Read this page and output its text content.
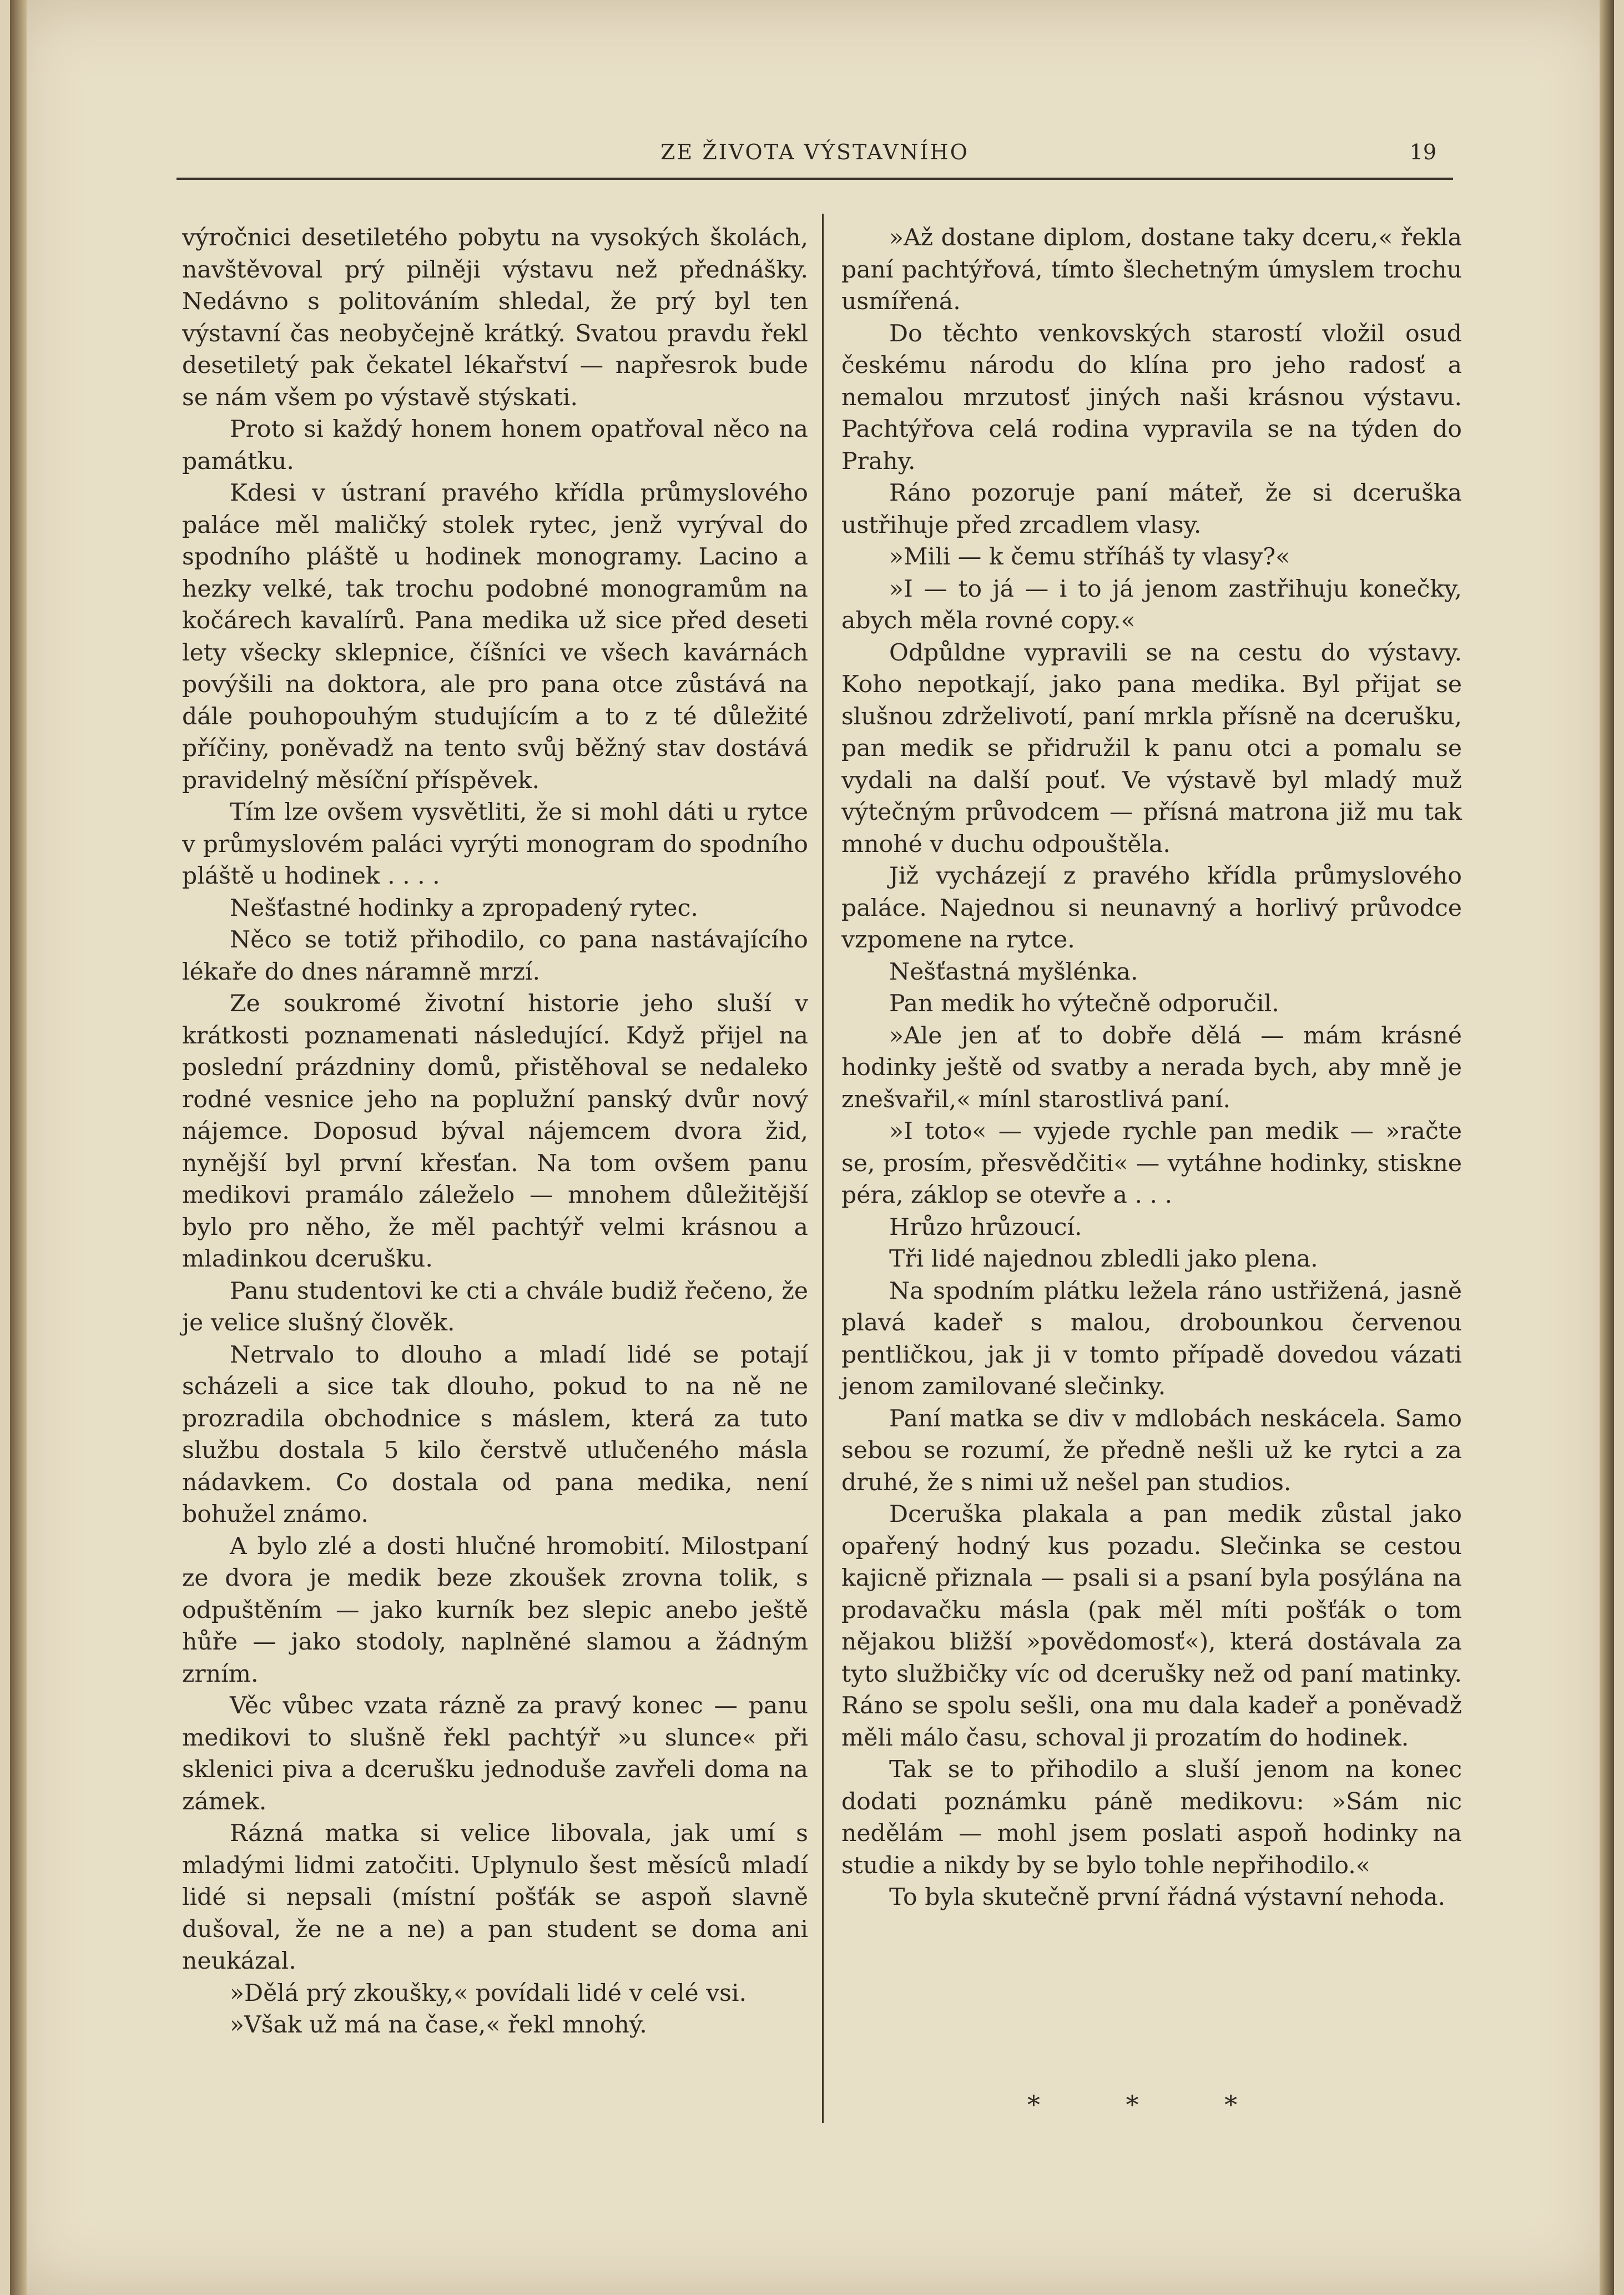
ZE ŽIVOTA VÝSTAVNÍHO	19

výročnici desetiletého pobytu na vysokých školách, navštěvoval prý pilněji výstavu než přednášky. Nedávno s politováním shledal, že prý byl ten výstavní čas neobyčejně krátký. Svatou pravdu řekl desetiletý pak čekatel lékařství — napřesrok bude se nám všem po výstavě stýskati.

Proto si každý honem honem opatřoval něco na památku.

Kdesi v ústraní pravého křídla průmyslového paláce měl maličký stolek rytec, jenž vyrýval do spodního pláště u hodinek monogramy. Lacino a hezky velké, tak trochu podobné monogramům na kočárech kavalírů. Pana medika už sice před deseti lety všecky sklepnice, číšníci ve všech kavárnách povýšili na doktora, ale pro pana otce zůstává na dále pouhopouhým studujícím a to z té důležité příčiny, poněvadž na tento svůj běžný stav dostává pravidelný měsíční příspěvek.

Tím lze ovšem vysvětliti, že si mohl dáti u rytce v průmyslovém paláci vyrýti monogram do spodního pláště u hodinek . . . .

Nešťastné hodinky a zpropadený rytec.

Něco se totiž přihodilo, co pana nastávajícího lékaře do dnes náramně mrzí.

Ze soukromé životní historie jeho sluší v krátkosti poznamenati následující. Když přijel na poslední prázdniny domů, přistěhoval se nedaleko rodné vesnice jeho na poplužní panský dvůr nový nájemce. Doposud býval nájemcem dvora žid, nynější byl první křesťan. Na tom ovšem panu medikovi pramálo záleželo — mnohem důležitější bylo pro něho, že měl pachtýř velmi krásnou a mladinkou dcerušku.

Panu studentovi ke cti a chvále budiž řečeno, že je velice slušný člověk.

Netrvalo to dlouho a mladí lidé se potají scházeli a sice tak dlouho, pokud to na ně ne prozradila obchodnice s máslem, která za tuto službu dostala 5 kilo čerstvě utlučeného másla nádavkem. Co dostala od pana medika, není bohužel známo.

A bylo zlé a dosti hlučné hromobití. Milostpaní ze dvora je medik beze zkoušek zrovna tolik, s odpuštěním — jako kurník bez slepic anebo ještě hůře — jako stodoly, naplněné slamou a žádným zrním.

Věc vůbec vzata rázně za pravý konec — panu medikovi to slušně řekl pachtýř »u slunce« při sklenici piva a dcerušku jednoduše zavřeli doma na zámek.

Rázná matka si velice libovala, jak umí s mladými lidmi zatočiti. Uplynulo šest měsíců mladí lidé si nepsali (místní pošťák se aspoň slavně dušoval, že ne a ne) a pan student se doma ani neukázal.

»Dělá prý zkoušky,« povídali lidé v celé vsi.

»Však už má na čase,« řekl mnohý.

»Až dostane diplom, dostane taky dceru,« řekla paní pachtýřová, tímto šlechetným úmyslem trochu usmířená.

Do těchto venkovských starostí vložil osud českému národu do klína pro jeho radosť a nemalou mrzutosť jiných naši krásnou výstavu. Pachtýřova celá rodina vypravila se na týden do Prahy.

Ráno pozoruje paní máteř, že si dceruška ustřihuje před zrcadlem vlasy.

»Mili — k čemu stříháš ty vlasy?«

»I — to já — i to já jenom zastřihuju konečky, abych měla rovné copy.«

Odpůldne vypravili se na cestu do výstavy. Koho nepotkají, jako pana medika. Byl přijat se slušnou zdrželivotí, paní mrkla přísně na dcerušku, pan medik se přidružil k panu otci a pomalu se vydali na další pouť. Ve výstavě byl mladý muž výtečným průvodcem — přísná matrona již mu tak mnohé v duchu odpouštěla.

Již vycházejí z pravého křídla průmyslového paláce. Najednou si neunavný a horlivý průvodce vzpomene na rytce.

Nešťastná myšlénka.

Pan medik ho výtečně odporučil.

»Ale jen ať to dobře dělá — mám krásné hodinky ještě od svatby a nerada bych, aby mně je znešvařil,« mínl starostlivá paní.

»I toto« — vyjede rychle pan medik — »račte se, prosím, přesvědčiti« — vytáhne hodinky, stiskne péra, záklop se otevře a . . .

Hrůzo hrůzoucí.

Tři lidé najednou zbledli jako plena.

Na spodním plátku ležela ráno ustřižená, jasně plavá kadeř s malou, drobounkou červenou pentličkou, jak ji v tomto případě dovedou vázati jenom zamilované slečinky.

Paní matka se div v mdlobách neskácela. Samo sebou se rozumí, že předně nešli už ke rytci a za druhé, že s nimi už nešel pan studios.

Dceruška plakala a pan medik zůstal jako opařený hodný kus pozadu. Slečinka se cestou kajicně přiznala — psali si a psaní byla posýlána na prodavačku másla (pak měl míti pošťák o tom nějakou bližší »povědomosť«), která dostávala za tyto službičky víc od dcerušky než od paní matinky. Ráno se spolu sešli, ona mu dala kadeř a poněvadž měli málo času, schoval ji prozatím do hodinek.

Tak se to přihodilo a sluší jenom na konec dodati poznámku páně medikovu: »Sám nic nedělám — mohl jsem poslati aspoň hodinky na studie a nikdy by se bylo tohle nepřihodilo.«

To byla skutečně první řádná výstavní nehoda.

* * *
